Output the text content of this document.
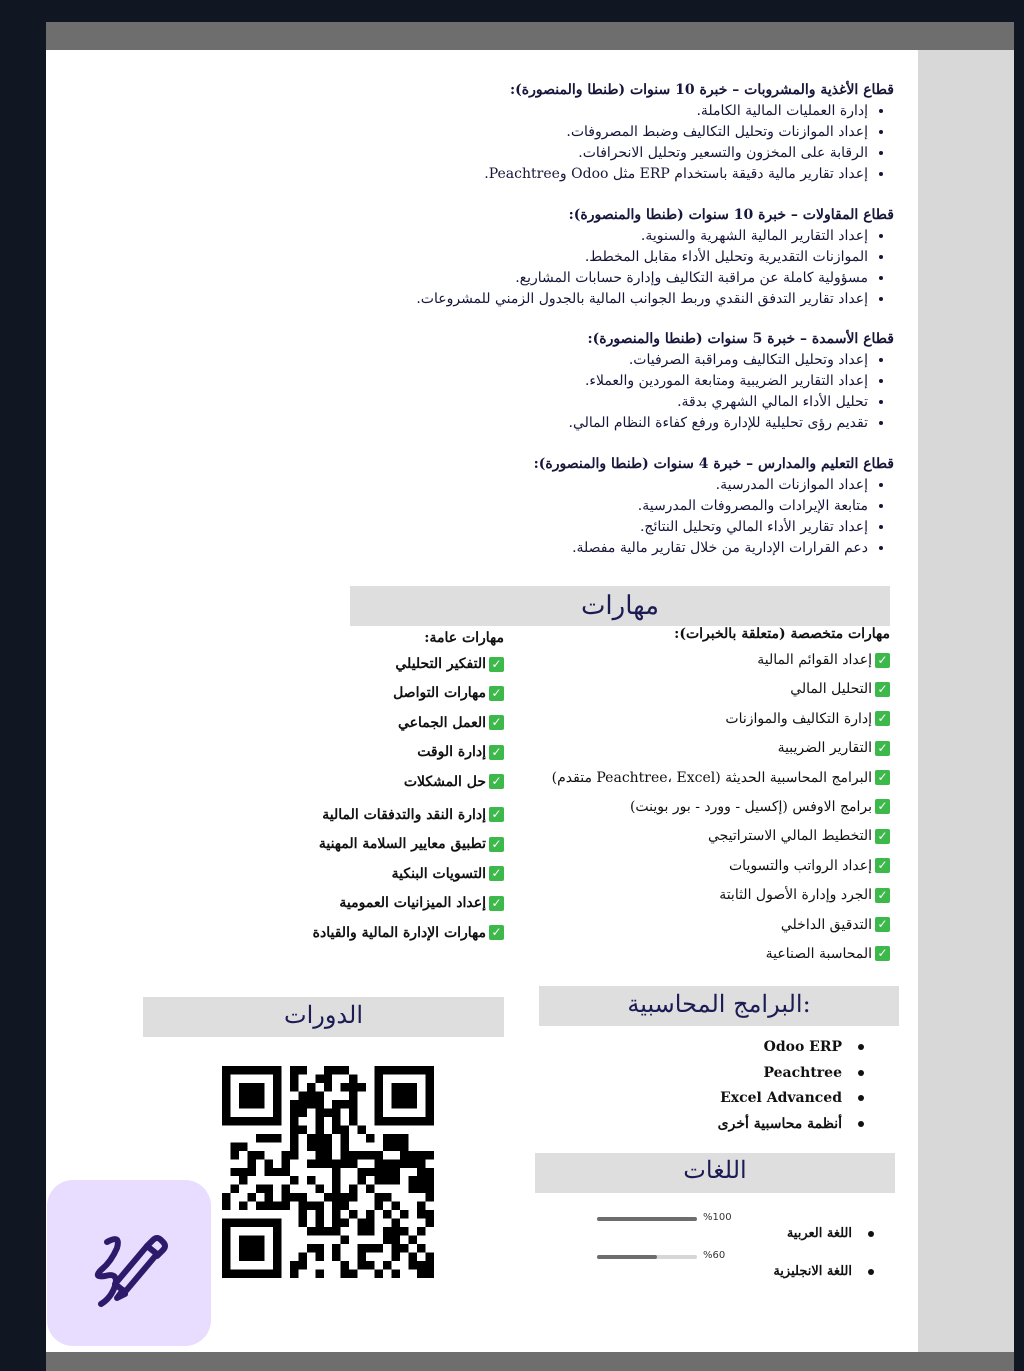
قطاع الأغذية والمشروبات – خبرة 10 سنوات (طنطا والمنصورة):
• إدارة العمليات المالية الكاملة.
• إعداد الموازنات وتحليل التكاليف وضبط المصروفات.
• الرقابة على المخزون والتسعير وتحليل الانحرافات.
• إعداد تقارير مالية دقيقة باستخدام ERP مثل Odoo وPeachtree.
قطاع المقاولات – خبرة 10 سنوات (طنطا والمنصورة):
• إعداد التقارير المالية الشهرية والسنوية.
• الموازنات التقديرية وتحليل الأداء مقابل المخطط.
• مسؤولية كاملة عن مراقبة التكاليف وإدارة حسابات المشاريع.
• إعداد تقارير التدفق النقدي وربط الجوانب المالية بالجدول الزمني للمشروعات.
قطاع الأسمدة – خبرة 5 سنوات (طنطا والمنصورة):
• إعداد وتحليل التكاليف ومراقبة الصرفيات.
• إعداد التقارير الضريبية ومتابعة الموردين والعملاء.
• تحليل الأداء المالي الشهري بدقة.
• تقديم رؤى تحليلية للإدارة ورفع كفاءة النظام المالي.
قطاع التعليم والمدارس – خبرة 4 سنوات (طنطا والمنصورة):
• إعداد الموازنات المدرسية.
• متابعة الإيرادات والمصروفات المدرسية.
• إعداد تقارير الأداء المالي وتحليل النتائج.
• دعم القرارات الإدارية من خلال تقارير مالية مفصلة.
مهارات
مهارات متخصصة (متعلقة بالخبرات):
✓إعداد القوائم المالية
✓التحليل المالي
✓إدارة التكاليف والموازنات
✓التقارير الضريبية
✓البرامج المحاسبية الحديثة (Peachtree، Excel متقدم)
✓برامج الاوفس (إكسيل - وورد - بور بوينت)
✓التخطيط المالي الاستراتيجي
✓إعداد الرواتب والتسويات
✓الجرد وإدارة الأصول الثابتة
✓التدقيق الداخلي
✓المحاسبة الصناعية
مهارات عامة:
✓التفكير التحليلي
✓مهارات التواصل
✓العمل الجماعي
✓إدارة الوقت
✓حل المشكلات
✓إدارة النقد والتدفقات المالية
✓تطبيق معايير السلامة المهنية
✓التسويات البنكية
✓إعداد الميزانيات العمومية
✓مهارات الإدارة المالية والقيادة
الدورات	البرامج المحاسبية:
Odoo ERP
Peachtree
Excel Advanced
أنظمة محاسبية أخرى
اللغات
اللغة العربية
%100
اللغة الانجليزية
%60
